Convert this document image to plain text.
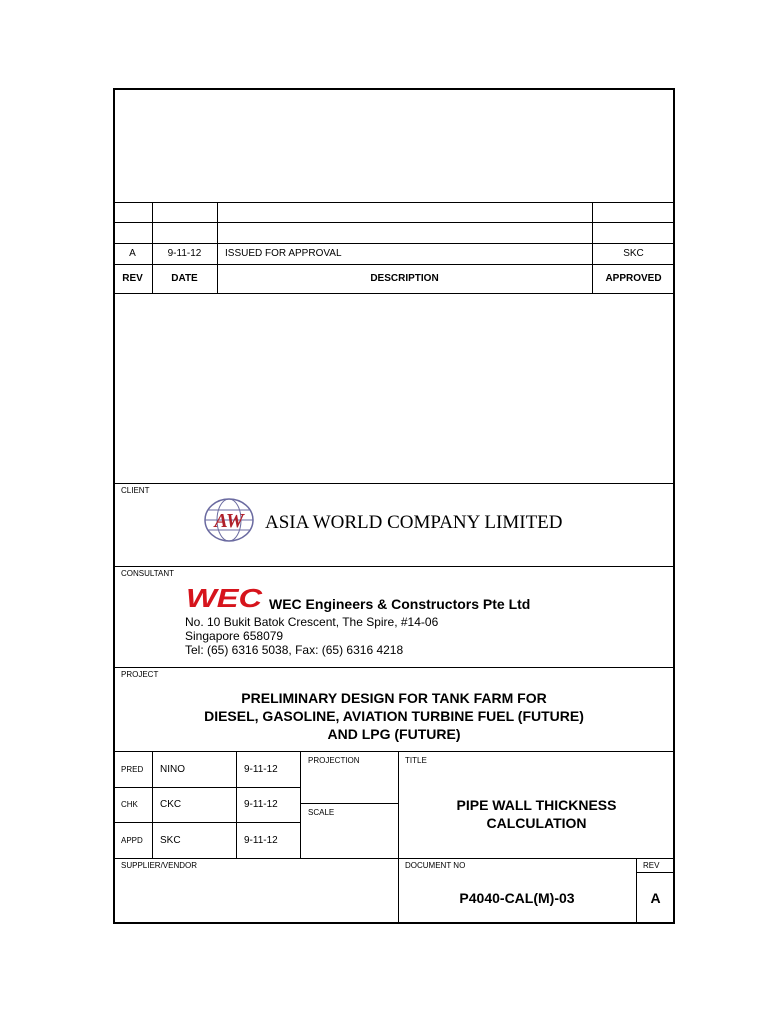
A	9-11-12	ISSUED FOR APPROVAL	SKC
REV	DATE	DESCRIPTION	APPROVED
CLIENT
AW ASIA WORLD COMPANY LIMITED
CONSULTANT
WEC WEC Engineers & Constructors Pte Ltd
No. 10 Bukit Batok Crescent, The Spire, #14-06
Singapore 658079
Tel: (65) 6316 5038, Fax: (65) 6316 4218
PROJECT
PRELIMINARY DESIGN FOR TANK FARM FOR
DIESEL, GASOLINE, AVIATION TURBINE FUEL (FUTURE)
AND LPG (FUTURE)
PRED NINO	9-11-12
CHK CKC	9-11-12
APPD SKC	9-11-12
PROJECTION
SCALE
TITLE
PIPE WALL THICKNESS
CALCULATION
SUPPLIER/VENDOR	DOCUMENT NO
P4040-CAL(M)-03
REV
A
